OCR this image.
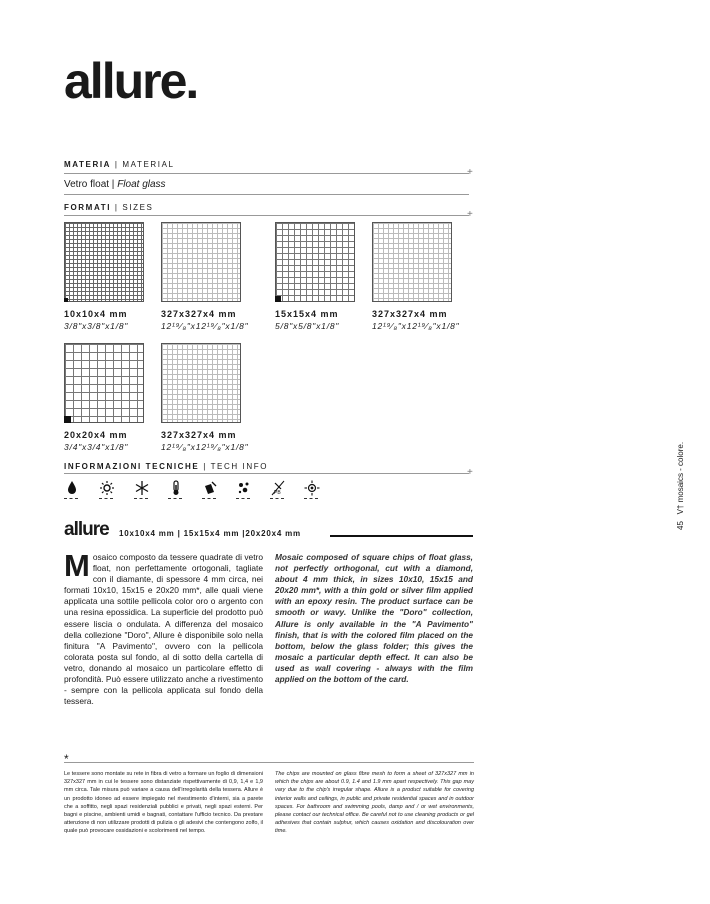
allure.
MATERIA | MATERIAL
+
Vetro float | Float glass
FORMATI | SIZES
+
10x10x4 mm
3/8"x3/8"x1/8"
327x327x4 mm
12¹⁹⁄₈"x12¹⁹⁄₈"x1/8"
15x15x4 mm
5/8"x5/8"x1/8"
327x327x4 mm
12¹⁹⁄₈"x12¹⁹⁄₈"x1/8"
20x20x4 mm
3/4"x3/4"x1/8"
327x327x4 mm
12¹⁹⁄₈"x12¹⁹⁄₈"x1/8"
INFORMAZIONI TECNICHE | TECH INFO
+
PB
allure 10x10x4 mm | 15x15x4 mm |20x20x4 mm
Mosaico composto da tessere quadrate di vetro float, non perfettamente ortogonali, tagliate con il diamante, di spessore 4 mm circa, nei formati 10x10, 15x15 e 20x20 mm*, alle quali viene applicata una sottile pellicola color oro o argento con una resina epossidica. La superficie del prodotto può essere liscia o ondulata. A differenza del mosaico della collezione "Doro", Allure è disponibile solo nella finitura "A Pavimento", ovvero con la pellicola colorata posta sul fondo, al di sotto della cartella di vetro, donando al mosaico un particolare effetto di profondità. Può essere utilizzato anche a rivestimento - sempre con la pellicola applicata sul fondo della tessera.
Mosaic composed of square chips of float glass, not perfectly orthogonal, cut with a diamond, about 4 mm thick, in sizes 10x10, 15x15 and 20x20 mm*, with a thin gold or silver film applied with an epoxy resin. The product surface can be smooth or wavy. Unlike the "Doro" collection, Allure is only available in the "A Pavimento" finish, that is with the colored film placed on the bottom, below the glass folder; this gives the mosaic a particular depth effect. It can also be used as wall covering - always with the film applied on the bottom of the card.
*
Le tessere sono montate su rete in fibra di vetro a formare un foglio di dimensioni 327x327 mm in cui le tessere sono distanziate rispettivamente di 0,9, 1,4 e 1,9 mm circa. Tale misura può variare a causa dell'irregolarità della tessera. Allure è un prodotto idoneo ad essere impiegato nel rivestimento d'interni, sia a parete che a soffitto, negli spazi residenziali pubblici e privati, negli spazi esterni. Per bagni e piscine, ambienti umidi e bagnati, contattare l'ufficio tecnico. Da prestare attenzione di non utilizzare prodotti di pulizia o gli adesivi che contengono zolfo, il quale può provocare ossidazioni e scolorimenti nel tempo.
The chips are mounted on glass fibre mesh to form a sheet of 327x327 mm in which the chips are about 0.9, 1.4 and 1.9 mm apart respectively. This gap may vary due to the chip's irregular shape. Allure is a product suitable for covering interior walls and ceilings, in public and private residential spaces and in outdoor spaces. For bathroom and swimming pools, damp and / or wet environments, please contact our technical office. Be careful not to use cleaning products or gel adhesives that contain sulphur, which causes oxidation and discolouration over time.
45   V† mosaics - colore.
